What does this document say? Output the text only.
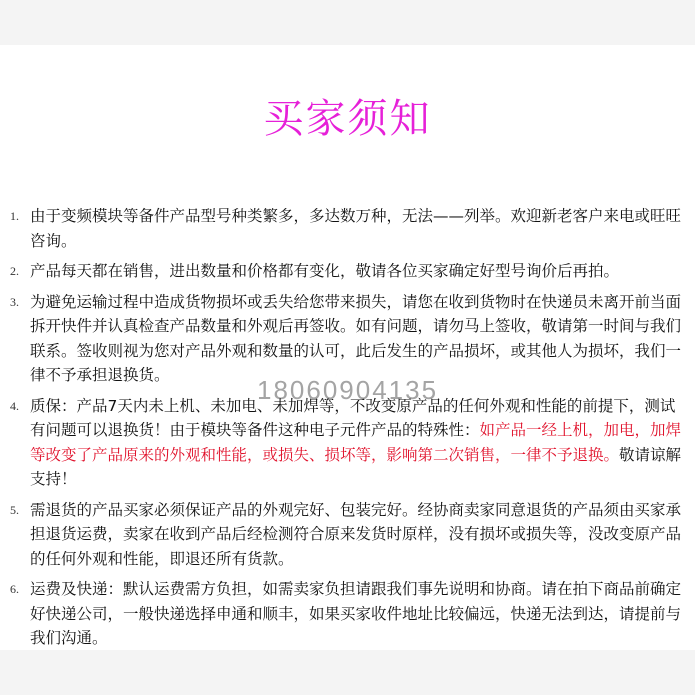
买家须知
1. 由于变频模块等备件产品型号种类繁多，多达数万种，无法——列举。欢迎新老客户来电或旺旺咨询。
2. 产品每天都在销售，进出数量和价格都有变化，敬请各位买家确定好型号询价后再拍。
3. 为避免运输过程中造成货物损坏或丢失给您带来损失，请您在收到货物时在快递员未离开前当面拆开快件并认真检查产品数量和外观后再签收。如有问题，请勿马上签收，敬请第一时间与我们联系。签收则视为您对产品外观和数量的认可，此后发生的产品损坏，或其他人为损坏，我们一律不予承担退换货。
4. 质保：产品7天内未上机、未加电、未加焊等，不改变原产品的任何外观和性能的前提下，测试有问题可以退换货！由于模块等备件这种电子元件产品的特殊性：如产品一经上机，加电，加焊等改变了产品原来的外观和性能，或损失、损坏等，影响第二次销售，一律不予退换。敬请谅解支持！
5. 需退货的产品买家必须保证产品的外观完好、包装完好。经协商卖家同意退货的产品须由买家承担退货运费，卖家在收到产品后经检测符合原来发货时原样，没有损坏或损失等，没改变原产品的任何外观和性能，即退还所有货款。
6. 运费及快递：默认运费需方负担，如需卖家负担请跟我们事先说明和协商。请在拍下商品前确定好快递公司，一般快递选择申通和顺丰，如果买家收件地址比较偏远，快递无法到达，请提前与我们沟通。
18060904135
